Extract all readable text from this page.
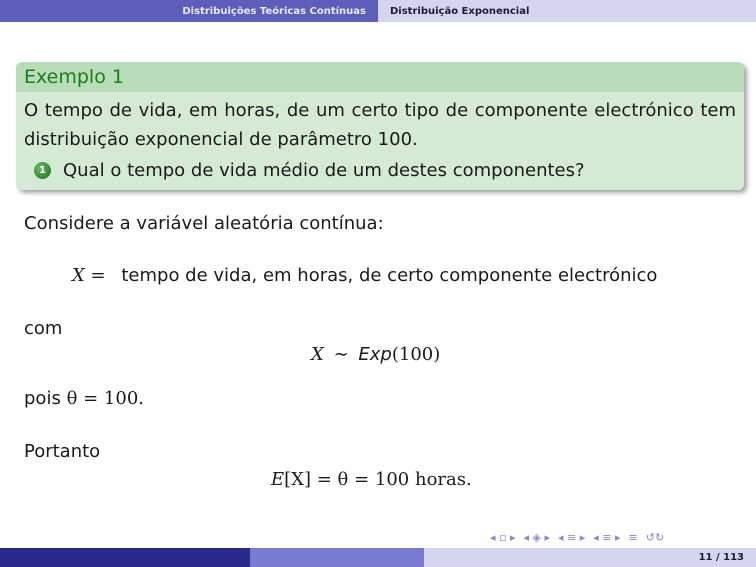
Distribuições Teóricas Contínuas	Distribuição Exponencial
Exemplo 1
O tempo de vida, em horas, de um certo tipo de componente electrónico tem distribuição exponencial de parâmetro 100.
1 Qual o tempo de vida médio de um destes componentes?
Considere a variável aleatória contínua:
X = tempo de vida, em horas, de certo componente electrónico
com
X ∼ Exp(100)
pois θ = 100.
Portanto
E[X] = θ = 100 horas.
◂ ▫ ▸ ◂ ◈ ▸ ◂ ≡ ▸ ◂ ≡ ▸ ≡ ↺↻
11 / 113
